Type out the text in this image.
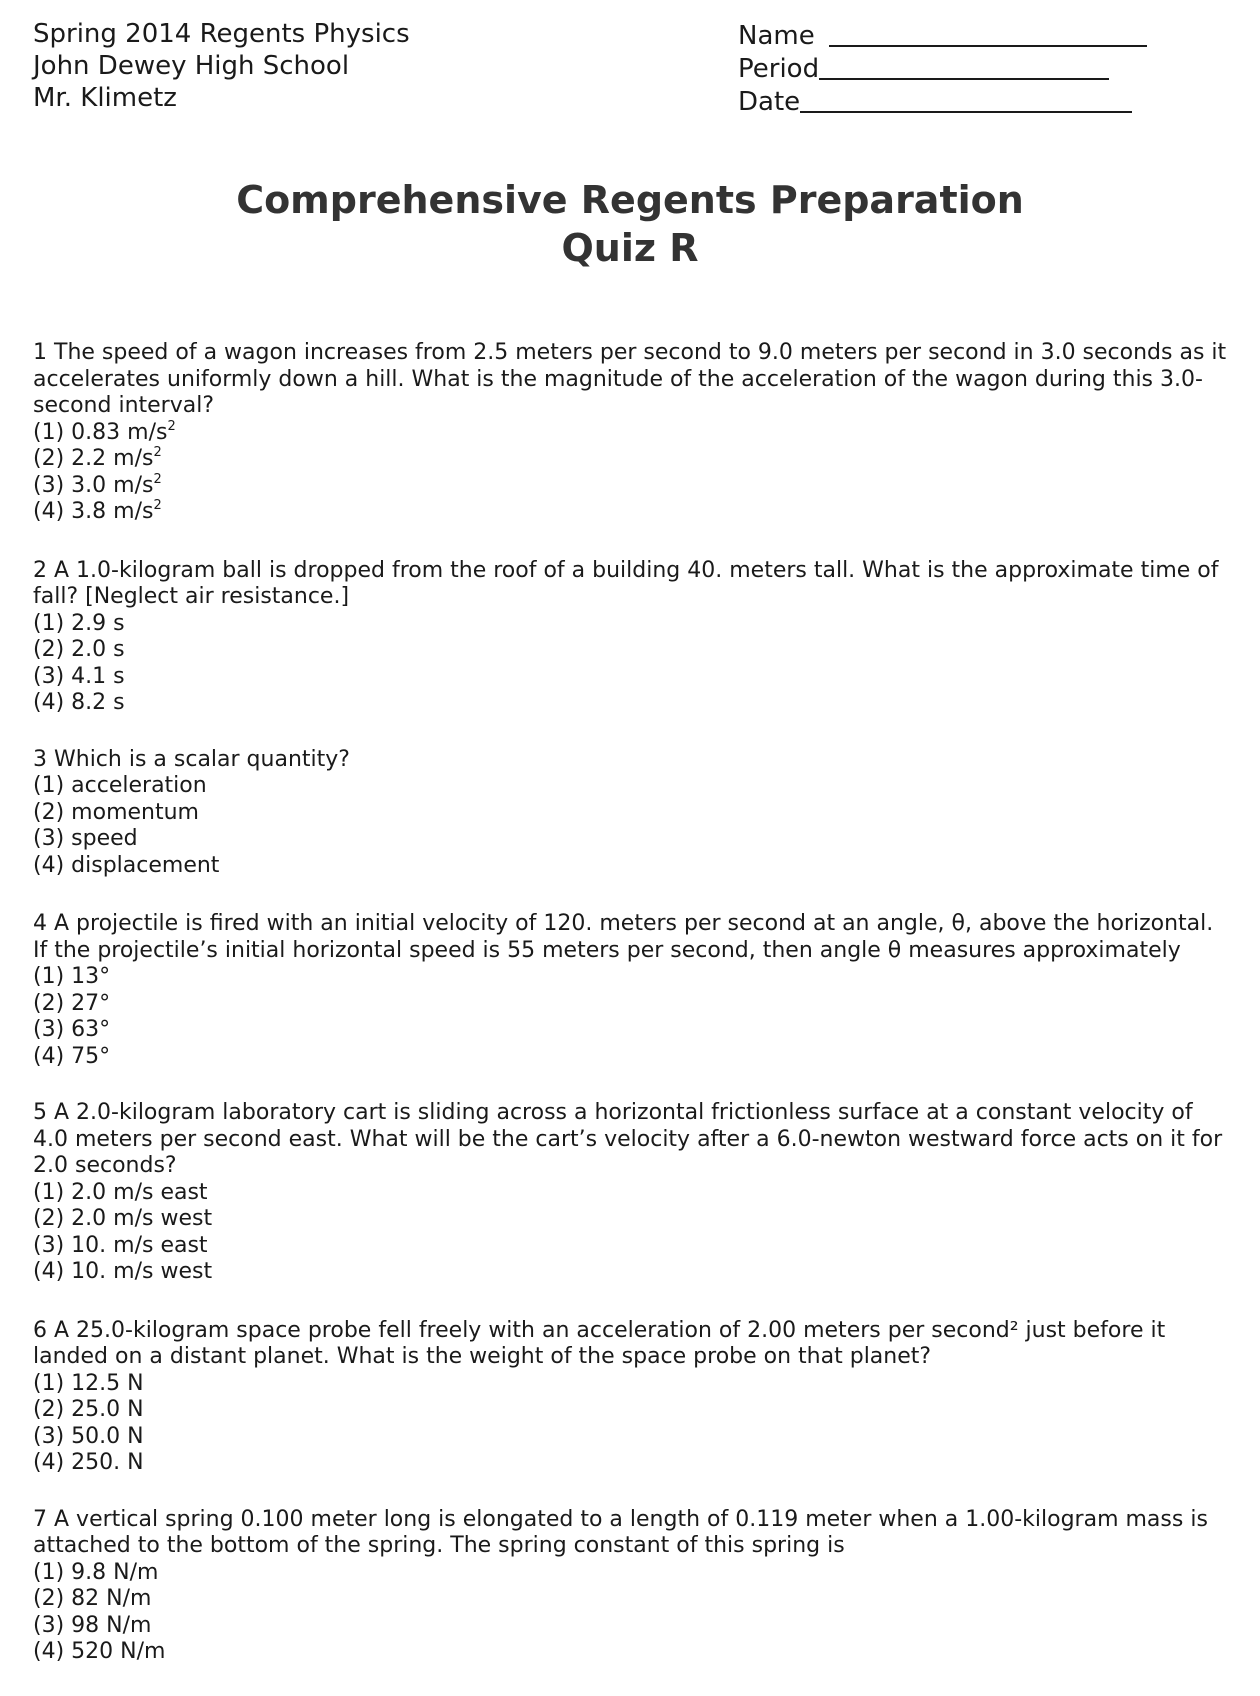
Spring 2014 Regents Physics
John Dewey High School
Mr. Klimetz
Name
Period
Date
Comprehensive Regents Preparation
Quiz R
1 The speed of a wagon increases from 2.5 meters per second to 9.0 meters per second in 3.0 seconds as it accelerates uniformly down a hill. What is the magnitude of the acceleration of the wagon during this 3.0-second interval?
(1) 0.83 $m/s^2$
(2) 2.2 $m/s^2$
(3) 3.0 $m/s^2$
(4) 3.8 $m/s^2$
2 A 1.0-kilogram ball is dropped from the roof of a building 40. meters tall. What is the approximate time of fall? [Neglect air resistance.]
(1) 2.9 s
(2) 2.0 s
(3) 4.1 s
(4) 8.2 s
3 Which is a scalar quantity?
(1) acceleration
(2) momentum
(3) speed
(4) displacement
4 A projectile is fired with an initial velocity of 120. meters per second at an angle, θ, above the horizontal. If the projectile’s initial horizontal speed is 55 meters per second, then angle θ measures approximately
(1) 13°
(2) 27°
(3) 63°
(4) 75°
5 A 2.0-kilogram laboratory cart is sliding across a horizontal frictionless surface at a constant velocity of 4.0 meters per second east. What will be the cart’s velocity after a 6.0-newton westward force acts on it for 2.0 seconds?
(1) 2.0 m/s east
(2) 2.0 m/s west
(3) 10. m/s east
(4) 10. m/s west
6 A 25.0-kilogram space probe fell freely with an acceleration of 2.00 meters per second² just before it landed on a distant planet. What is the weight of the space probe on that planet?
(1) 12.5 N
(2) 25.0 N
(3) 50.0 N
(4) 250. N
7 A vertical spring 0.100 meter long is elongated to a length of 0.119 meter when a 1.00-kilogram mass is attached to the bottom of the spring. The spring constant of this spring is
(1) 9.8 N/m
(2) 82 N/m
(3) 98 N/m
(4) 520 N/m
